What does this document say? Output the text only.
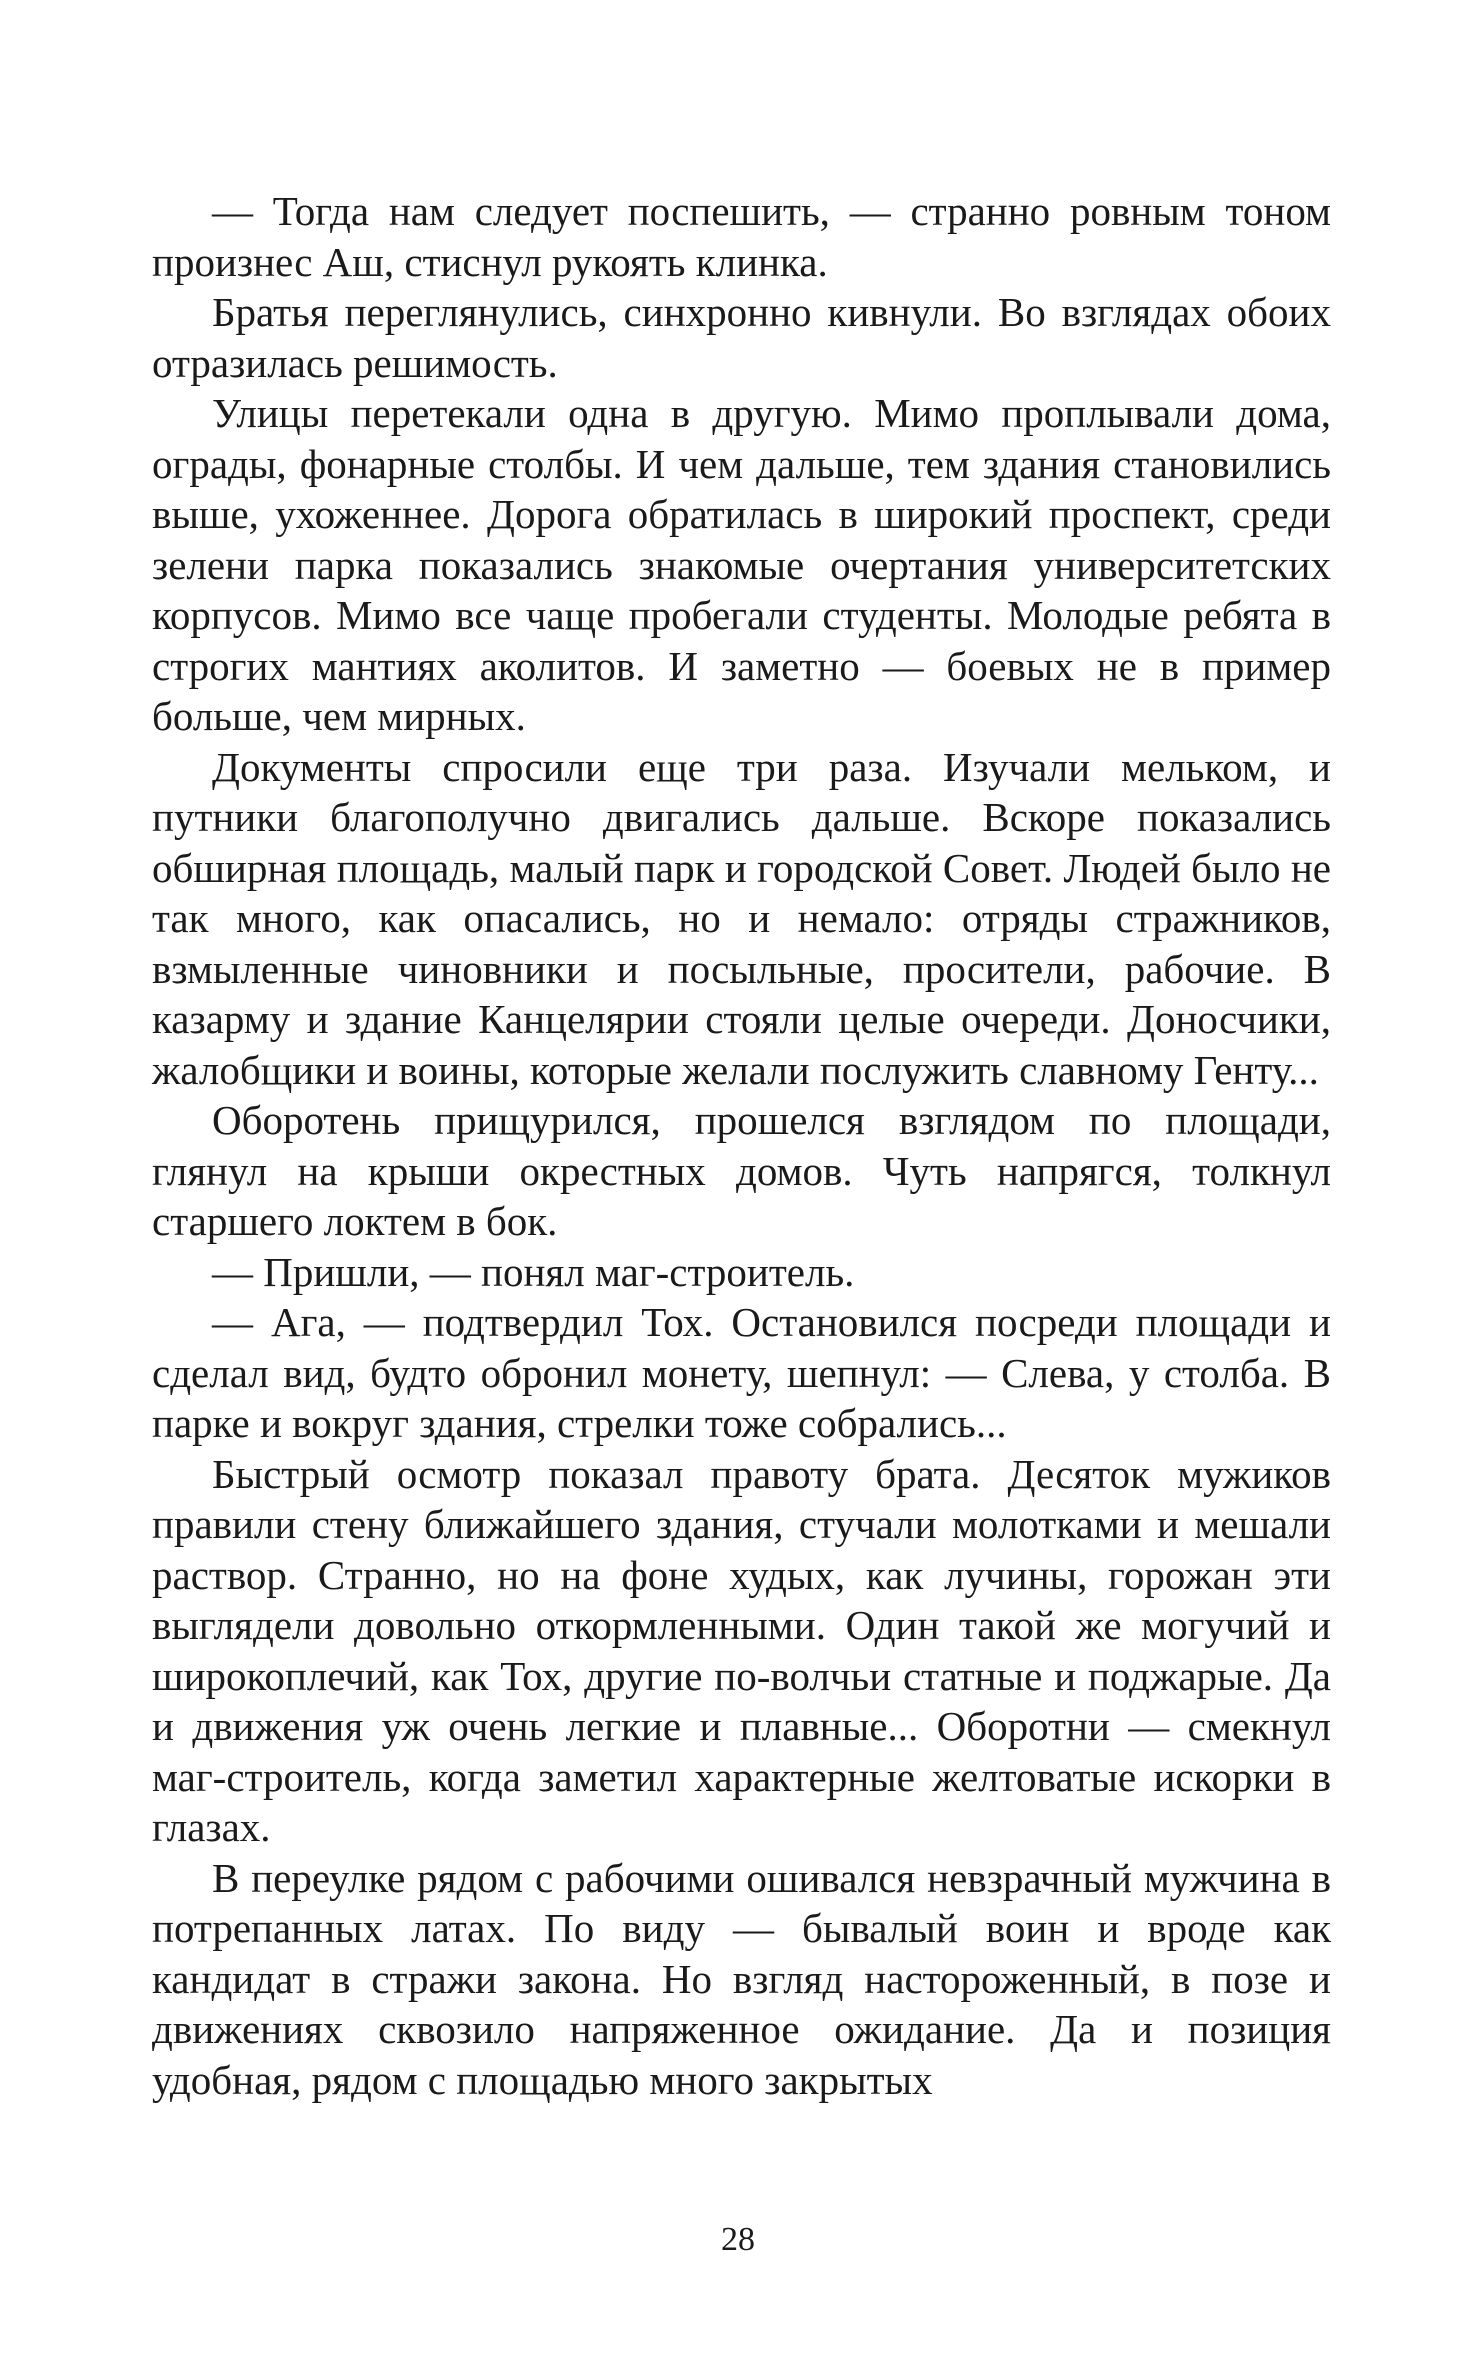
— Тогда нам следует поспешить, — странно ровным тоном произнес Аш, стиснул рукоять клинка.

Братья переглянулись, синхронно кивнули. Во взглядах обоих отразилась решимость.

Улицы перетекали одна в другую. Мимо проплывали дома, ограды, фонарные столбы. И чем дальше, тем здания становились выше, ухоженнее. Дорога обратилась в широкий проспект, среди зелени парка показались знакомые очертания университетских корпусов. Мимо все чаще пробегали студенты. Молодые ребята в строгих мантиях аколитов. И заметно — боевых не в пример больше, чем мирных.

Документы спросили еще три раза. Изучали мельком, и путники благополучно двигались дальше. Вскоре показались обширная площадь, малый парк и городской Совет. Людей было не так много, как опасались, но и немало: отряды стражников, взмыленные чиновники и посыльные, просители, рабочие. В казарму и здание Канцелярии стояли целые очереди. Доносчики, жалобщики и воины, которые желали послужить славному Генту...

Оборотень прищурился, прошелся взглядом по площади, глянул на крыши окрестных домов. Чуть напрягся, толкнул старшего локтем в бок.

— Пришли, — понял маг-строитель.

— Ага, — подтвердил Тох. Остановился посреди площади и сделал вид, будто обронил монету, шепнул: — Слева, у столба. В парке и вокруг здания, стрелки тоже собрались...

Быстрый осмотр показал правоту брата. Десяток мужиков правили стену ближайшего здания, стучали молотками и мешали раствор. Странно, но на фоне худых, как лучины, горожан эти выглядели довольно откормленными. Один такой же могучий и широкоплечий, как Тох, другие по-волчьи статные и поджарые. Да и движения уж очень легкие и плавные... Оборотни — смекнул маг-строитель, когда заметил характерные желтоватые искорки в глазах.

В переулке рядом с рабочими ошивался невзрачный мужчина в потрепанных латах. По виду — бывалый воин и вроде как кандидат в стражи закона. Но взгляд настороженный, в позе и движениях сквозило напряженное ожидание. Да и позиция удобная, рядом с площадью много закрытых

28
